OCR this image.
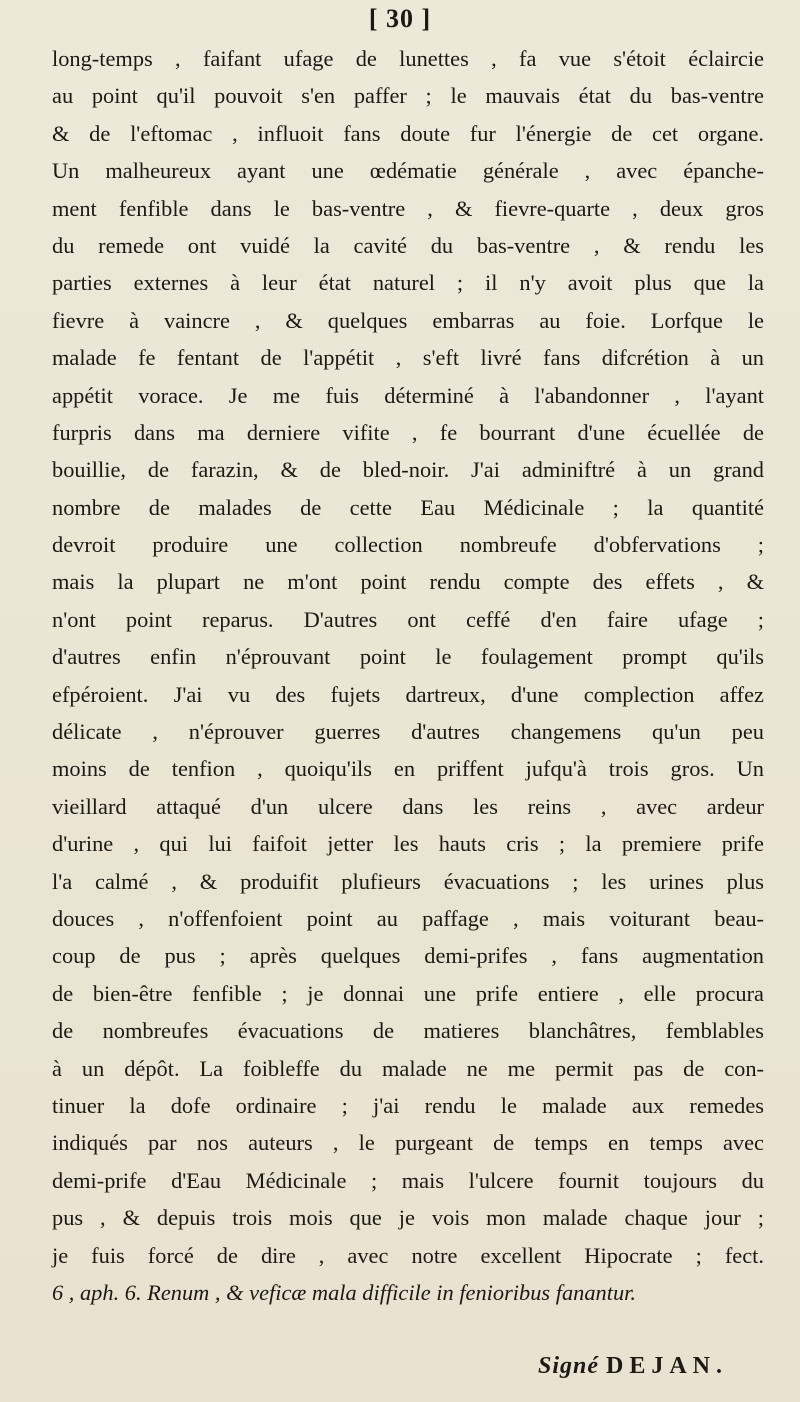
[ 30 ]
long-temps , faifant ufage de lunettes , fa vue s'étoit éclaircie
au point qu'il pouvoit s'en paffer ; le mauvais état du bas-ventre
& de l'eftomac , influoit fans doute fur l'énergie de cet organe.
Un malheureux ayant une œdématie générale , avec épanche-
ment fenfible dans le bas-ventre , & fievre-quarte , deux gros
du remede ont vuidé la cavité du bas-ventre , & rendu les
parties externes à leur état naturel ; il n'y avoit plus que la
fievre à vaincre , & quelques embarras au foie. Lorfque le
malade fe fentant de l'appétit , s'eft livré fans difcrétion à un
appétit vorace. Je me fuis déterminé à l'abandonner , l'ayant
furpris dans ma derniere vifite , fe bourrant d'une écuellée de
bouillie, de farazin, & de bled-noir. J'ai adminiftré à un grand
nombre de malades de cette Eau Médicinale ; la quantité
devroit produire une collection nombreufe d'obfervations ;
mais la plupart ne m'ont point rendu compte des effets , &
n'ont point reparus. D'autres ont ceffé d'en faire ufage ;
d'autres enfin n'éprouvant point le foulagement prompt qu'ils
efpéroient. J'ai vu des fujets dartreux, d'une complection affez
délicate , n'éprouver guerres d'autres changemens qu'un peu
moins de tenfion , quoiqu'ils en priffent jufqu'à trois gros. Un
vieillard attaqué d'un ulcere dans les reins , avec ardeur
d'urine , qui lui faifoit jetter les hauts cris ; la premiere prife
l'a calmé , & produifit plufieurs évacuations ; les urines plus
douces , n'offenfoient point au paffage , mais voiturant beau-
coup de pus ; après quelques demi-prifes , fans augmentation
de bien-être fenfible ; je donnai une prife entiere , elle procura
de nombreufes évacuations de matieres blanchâtres, femblables
à un dépôt. La foibleffe du malade ne me permit pas de con-
tinuer la dofe ordinaire ; j'ai rendu le malade aux remedes
indiqués par nos auteurs , le purgeant de temps en temps avec
demi-prife d'Eau Médicinale ; mais l'ulcere fournit toujours du
pus , & depuis trois mois que je vois mon malade chaque jour ;
je fuis forcé de dire , avec notre excellent Hipocrate ; fect.
6 , aph. 6. Renum , & veficæ mala difficile in fenioribus fanantur.
Signé DEJAN.
